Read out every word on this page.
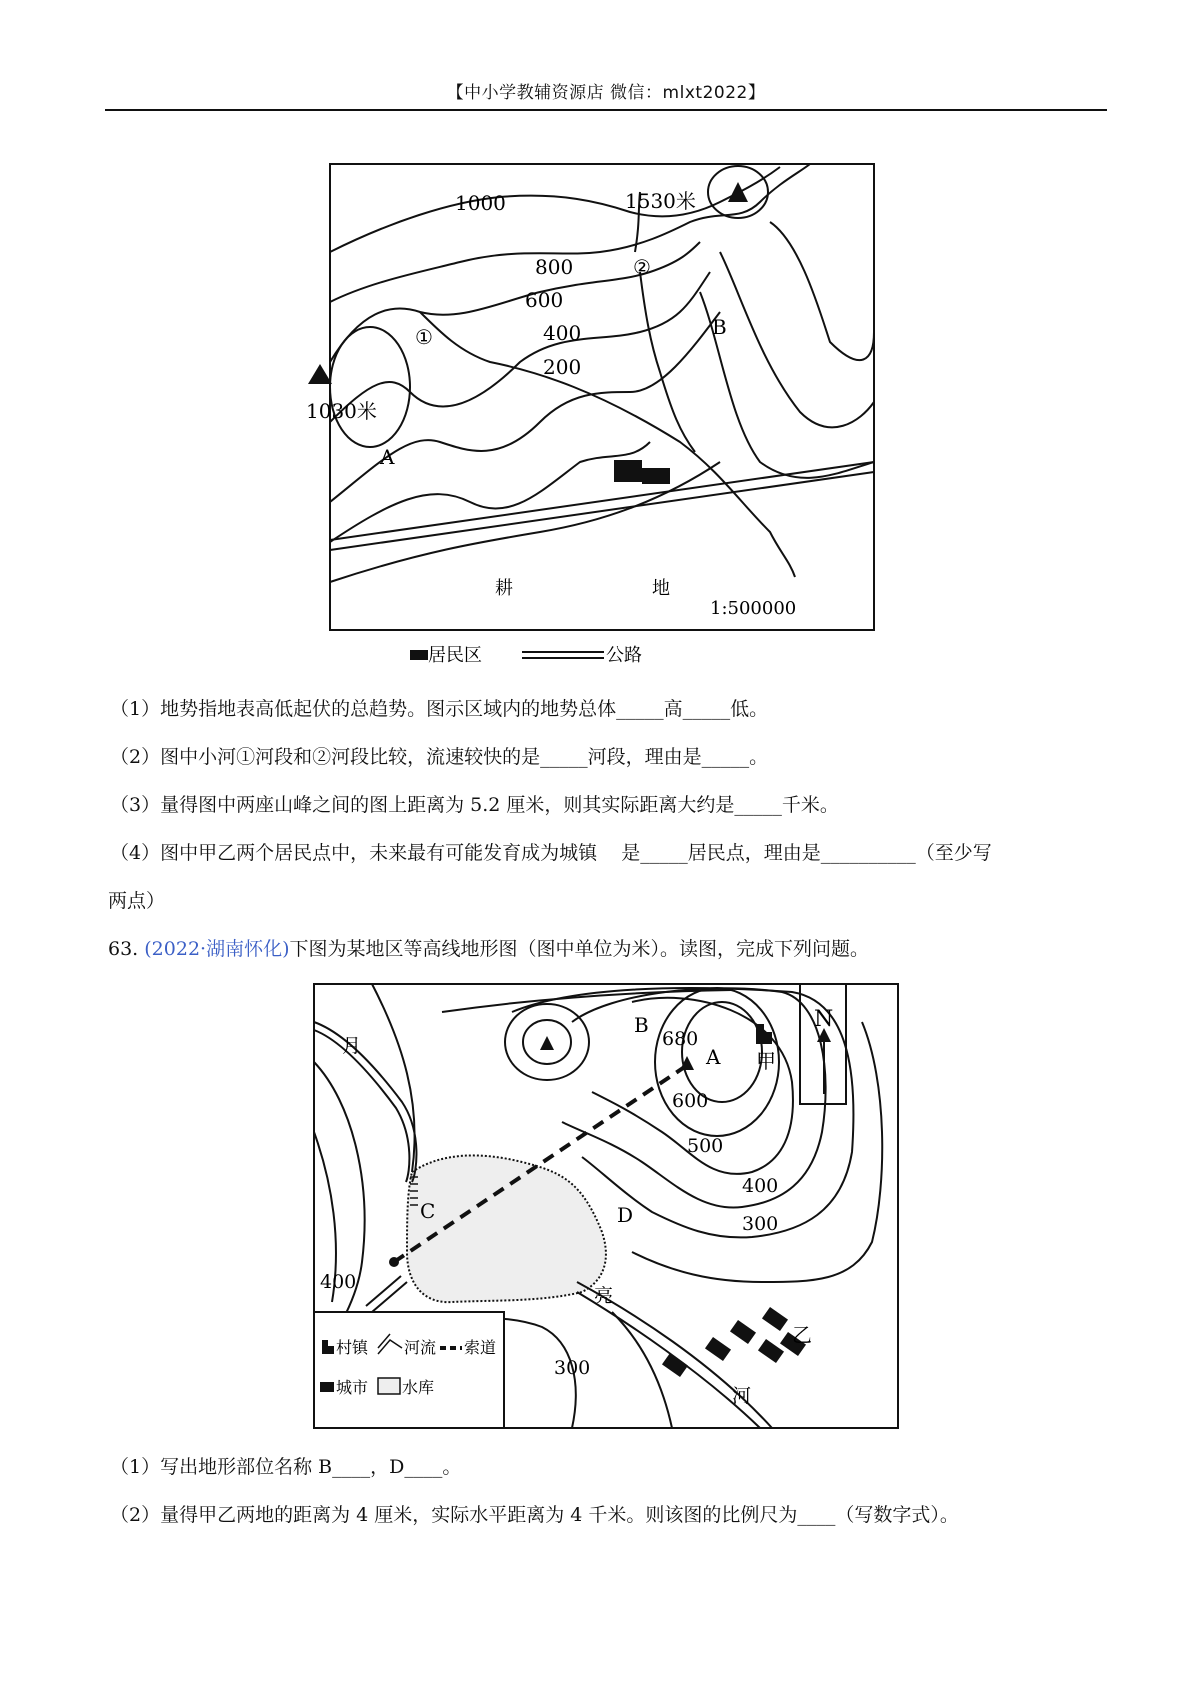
【中小学教辅资源店 微信：mlxt2022】
1000
800
600
400
200
1530米
1030米
A
B
①
②
耕	地
1:500000
居民区	公路
（1）地势指地表高低起伏的总趋势。图示区域内的地势总体_____高_____低。
（2）图中小河①河段和②河段比较，流速较快的是_____河段，理由是_____。
（3）量得图中两座山峰之间的图上距离为 5.2 厘米，则其实际距离大约是_____千米。
（4）图中甲乙两个居民点中，未来最有可能发育成为城镇    是_____居民点，理由是__________（至少写
两点）
63. (2022·湖南怀化)下图为某地区等高线地形图（图中单位为米）。读图，完成下列问题。
680
600
500
400
300
400
300
A
B
C	D
甲
乙
月
亮
河
N
村镇 河流 索道
城市 水库
（1）写出地形部位名称 B____，D____。
（2）量得甲乙两地的距离为 4 厘米，实际水平距离为 4 千米。则该图的比例尺为____（写数字式）。
